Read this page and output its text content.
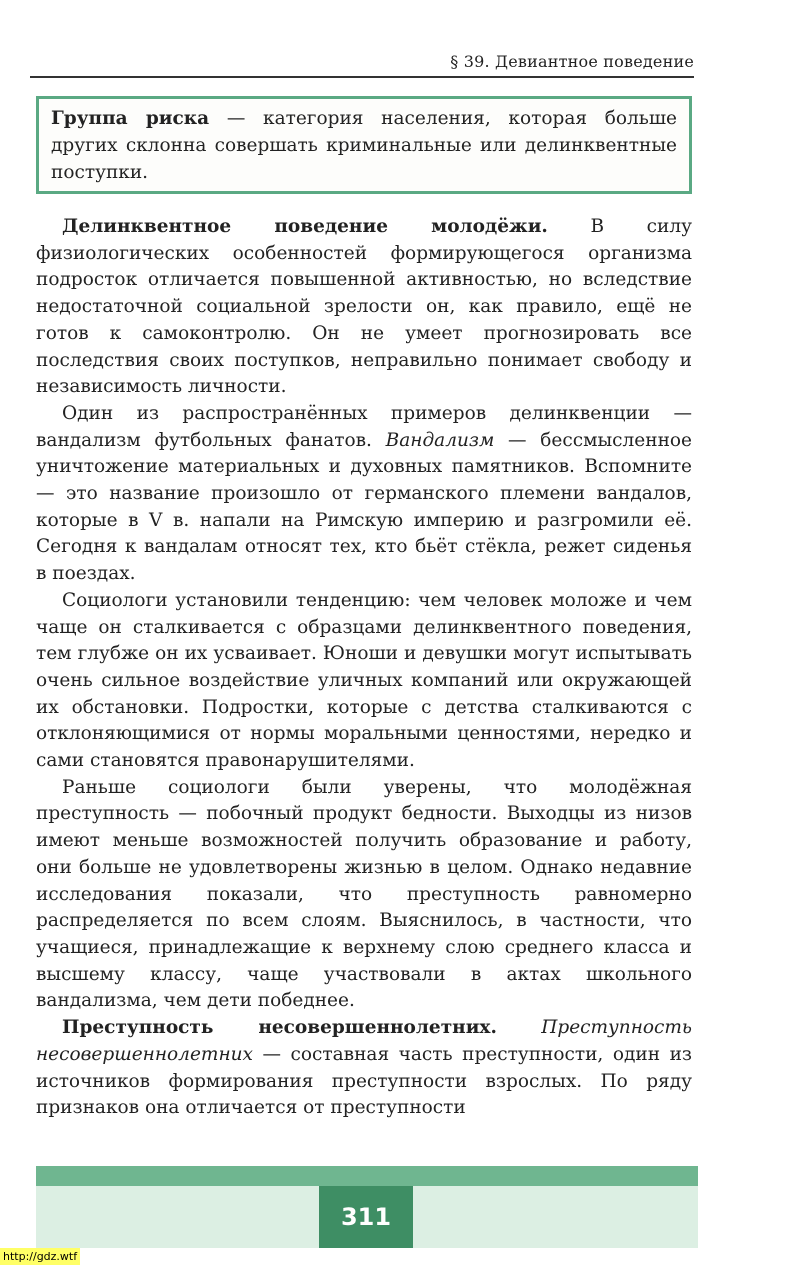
§ 39. Девиантное поведение

Группа риска — категория населения, которая больше других склонна совершать криминальные или делинквентные поступки.

Делинквентное поведение молодёжи. В силу физиологических особенностей формирующегося организма подросток отличается повышенной активностью, но вследствие недостаточной социальной зрелости он, как правило, ещё не готов к самоконтролю. Он не умеет прогнозировать все последствия своих поступков, неправильно понимает свободу и независимость личности.

Один из распространённых примеров делинквенции — вандализм футбольных фанатов. Вандализм — бессмысленное уничтожение материальных и духовных памятников. Вспомните — это название произошло от германского племени вандалов, которые в V в. напали на Римскую империю и разгромили её. Сегодня к вандалам относят тех, кто бьёт стёкла, режет сиденья в поездах.

Социологи установили тенденцию: чем человек моложе и чем чаще он сталкивается с образцами делинквентного поведения, тем глубже он их усваивает. Юноши и девушки могут испытывать очень сильное воздействие уличных компаний или окружающей их обстановки. Подростки, которые с детства сталкиваются с отклоняющимися от нормы моральными ценностями, нередко и сами становятся правонарушителями.

Раньше социологи были уверены, что молодёжная преступность — побочный продукт бедности. Выходцы из низов имеют меньше возможностей получить образование и работу, они больше не удовлетворены жизнью в целом. Однако недавние исследования показали, что преступность равномерно распределяется по всем слоям. Выяснилось, в частности, что учащиеся, принадлежащие к верхнему слою среднего класса и высшему классу, чаще участвовали в актах школьного вандализма, чем дети победнее.

Преступность несовершеннолетних. Преступность несовершеннолетних — составная часть преступности, один из источников формирования преступности взрослых. По ряду признаков она отличается от преступности

311
http://gdz.wtf
